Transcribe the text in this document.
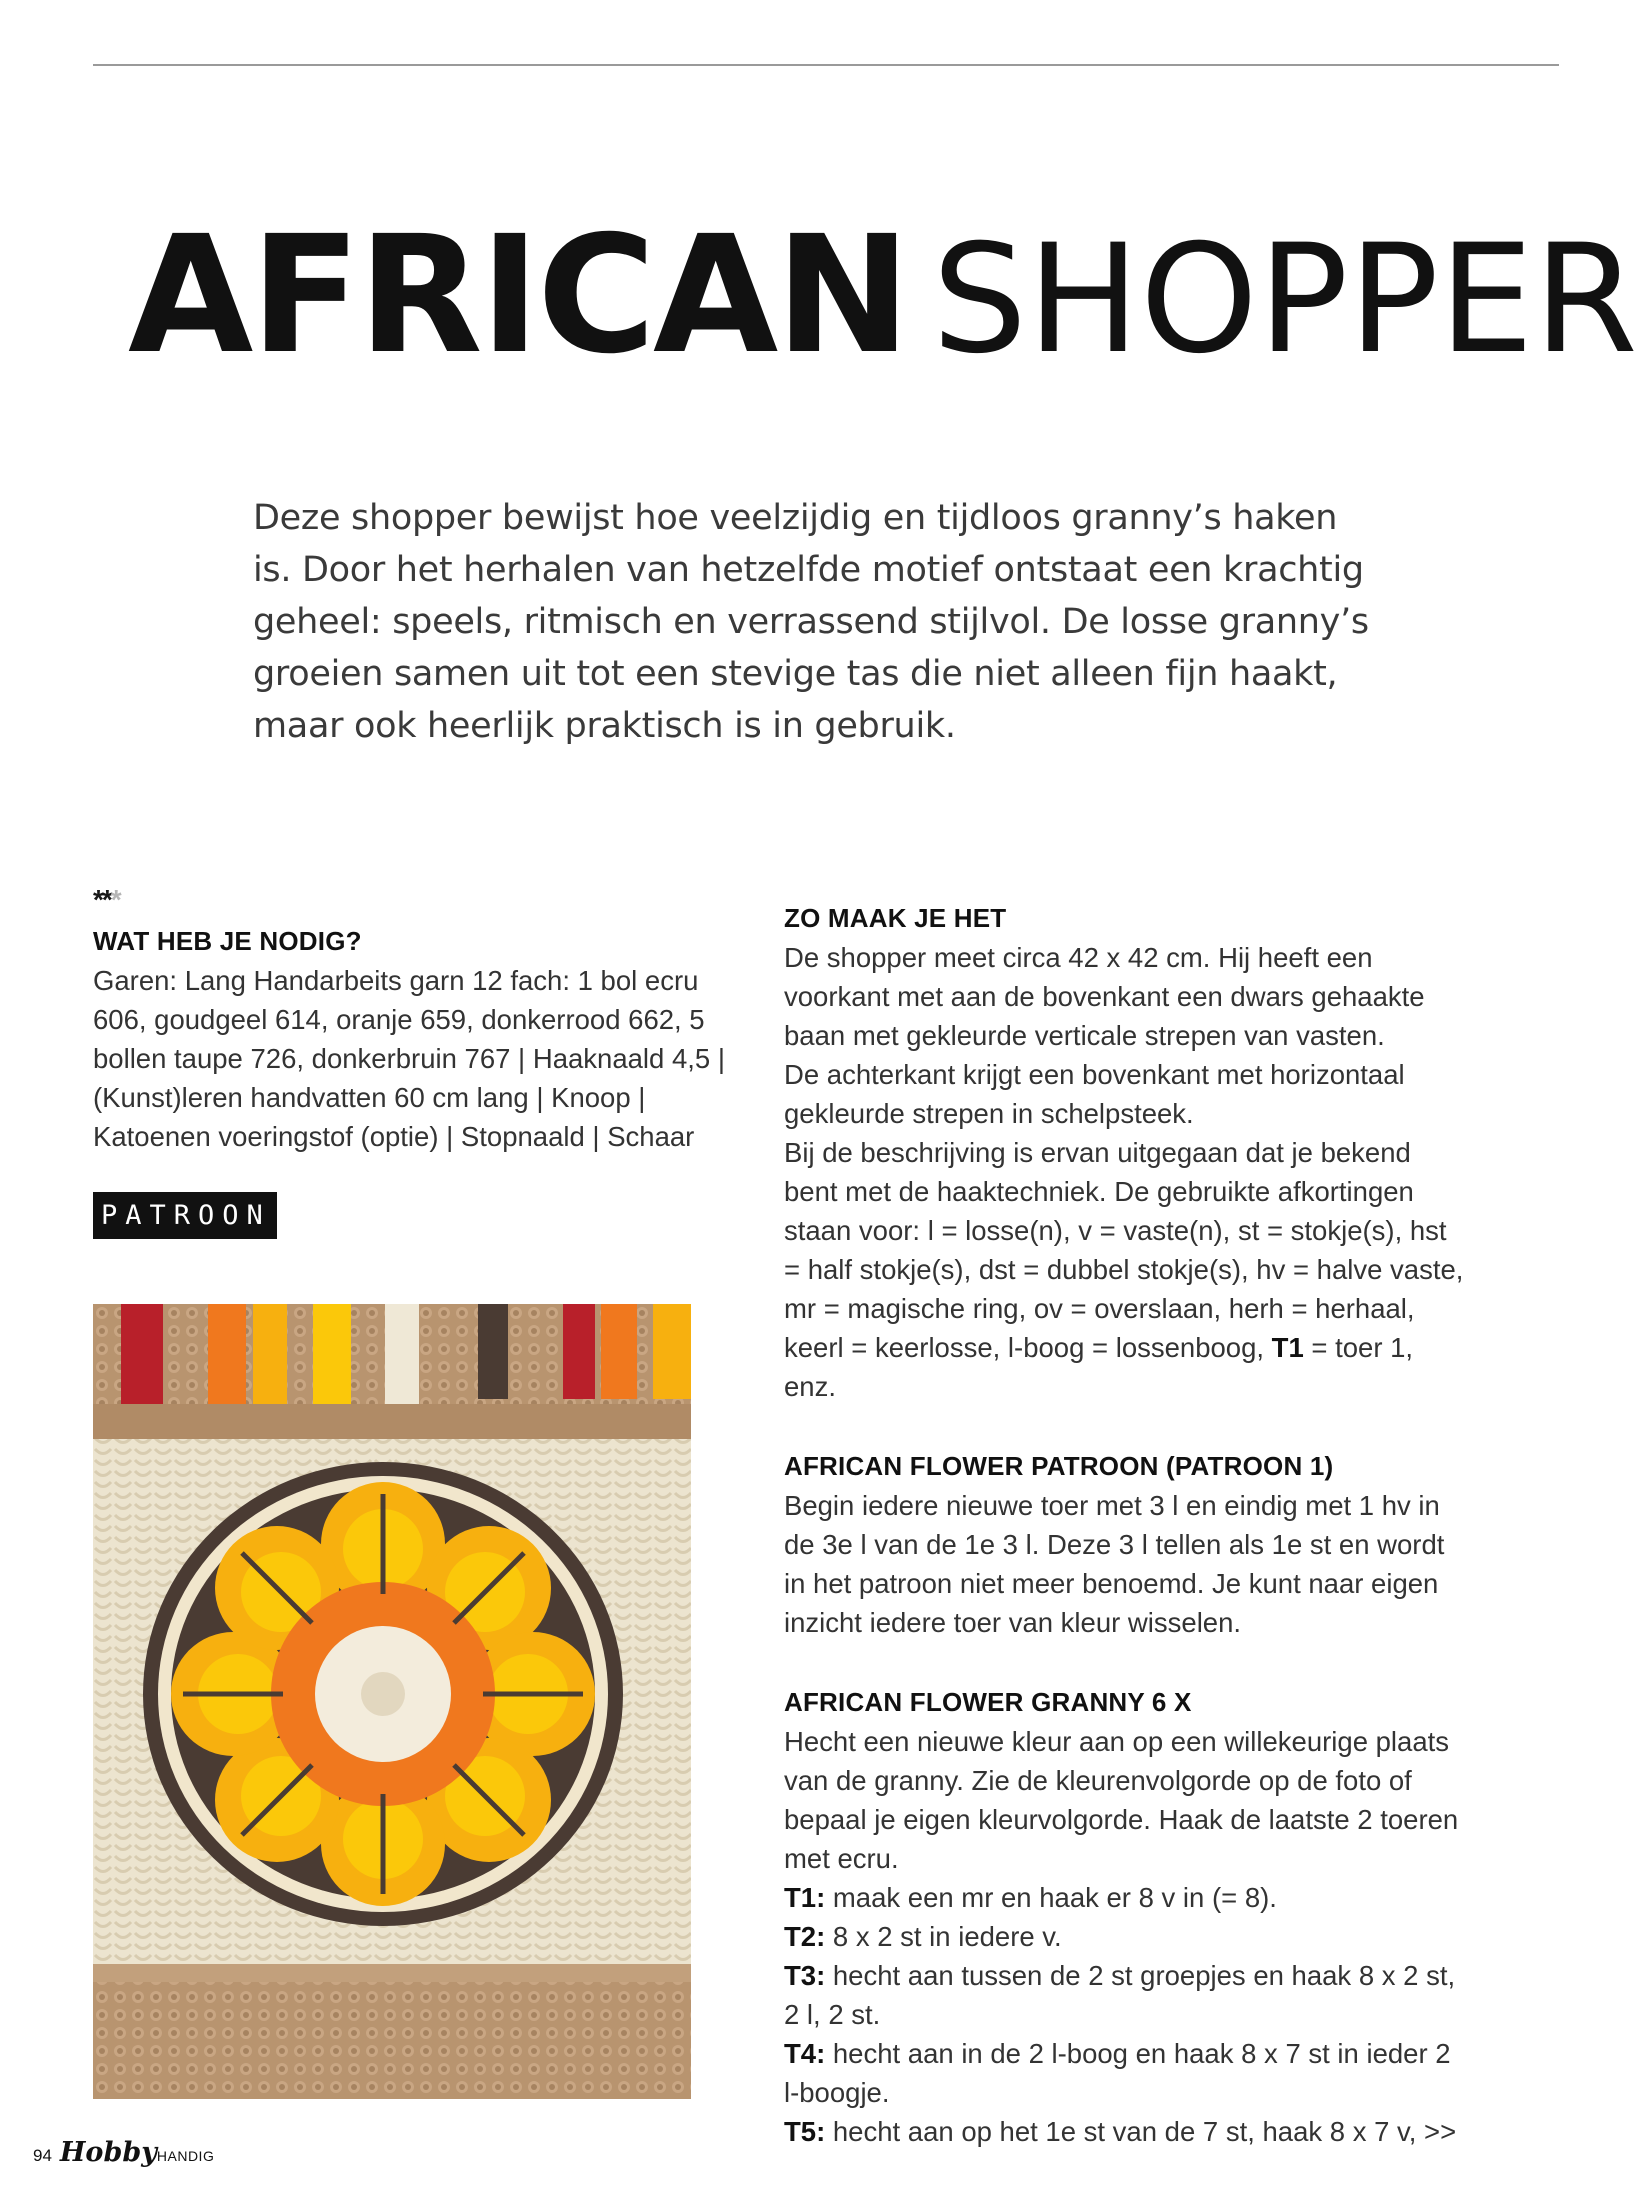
AFRICAN SHOPPER
Deze shopper bewijst hoe veelzijdig en tijdloos granny’s haken is. Door het herhalen van hetzelfde motief ontstaat een krachtig geheel: speels, ritmisch en verrassend stijlvol. De losse granny’s groeien samen uit tot een stevige tas die niet alleen fijn haakt, maar ook heerlijk praktisch is in gebruik.
***
WAT HEB JE NODIG?
Garen: Lang Handarbeits garn 12 fach: 1 bol ecru 606, goudgeel 614, oranje 659, donkerrood 662, 5 bollen taupe 726, donkerbruin 767 | Haaknaald 4,5 | (Kunst)leren handvatten 60 cm lang | Knoop | Katoenen voeringstof (optie) | Stopnaald | Schaar
PATROON
ZO MAAK JE HET
De shopper meet circa 42 x 42 cm. Hij heeft een voorkant met aan de bovenkant een dwars gehaakte baan met gekleurde verticale strepen van vasten.
De achterkant krijgt een bovenkant met horizontaal gekleurde strepen in schelpsteek.
Bij de beschrijving is ervan uitgegaan dat je bekend bent met de haaktechniek. De gebruikte afkortingen staan voor: l = losse(n), v = vaste(n), st = stokje(s), hst = half stokje(s), dst = dubbel stokje(s), hv = halve vaste, mr = magische ring, ov = overslaan, herh = herhaal, keerl = keerlosse, l-boog = lossenboog, T1 = toer 1, enz.
AFRICAN FLOWER PATROON (PATROON 1)
Begin iedere nieuwe toer met 3 l en eindig met 1 hv in de 3e l van de 1e 3 l. Deze 3 l tellen als 1e st en wordt in het patroon niet meer benoemd. Je kunt naar eigen inzicht iedere toer van kleur wisselen.
AFRICAN FLOWER GRANNY 6 X
Hecht een nieuwe kleur aan op een willekeurige plaats van de granny. Zie de kleurenvolgorde op de foto of bepaal je eigen kleurvolgorde. Haak de laatste 2 toeren met ecru.
T1: maak een mr en haak er 8 v in (= 8).
T2: 8 x 2 st in iedere v.
T3: hecht aan tussen de 2 st groepjes en haak 8 x 2 st, 2 l, 2 st.
T4: hecht aan in de 2 l-boog en haak 8 x 7 st in ieder 2 l-boogje.
T5: hecht aan op het 1e st van de 7 st, haak 8 x 7 v, >>
94 HobbyHANDIG
